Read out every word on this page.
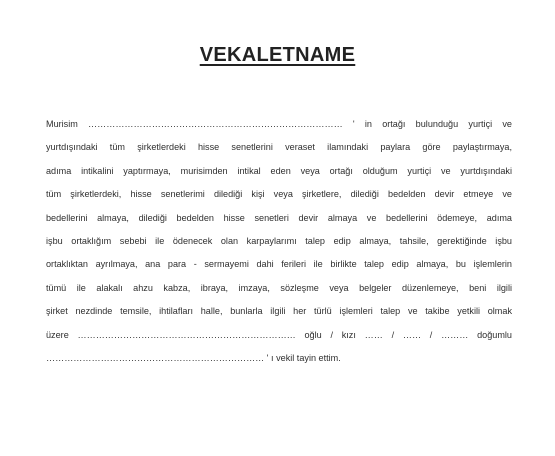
VEKALETNAME
Murisim ………………………………………………………………………… ' in ortağı bulunduğu yurtiçi ve
yurtdışındaki tüm şirketlerdeki hisse senetlerini veraset ilamındaki paylara göre paylaştırmaya,
adıma intikalini yaptırmaya, murisimden intikal eden veya ortağı olduğum yurtiçi ve yurtdışındaki
tüm şirketlerdeki, hisse senetlerimi dilediği kişi veya şirketlere, dilediği bedelden devir etmeye ve
bedellerini almaya, dilediği bedelden hisse senetleri devir almaya ve bedellerini ödemeye, adıma
işbu ortaklığım sebebi ile ödenecek olan karpaylarımı talep edip almaya, tahsile, gerektiğinde işbu
ortaklıktan ayrılmaya, ana para - sermayemi dahi ferileri ile birlikte talep edip almaya, bu işlemlerin
tümü ile alakalı ahzu kabza, ibraya, imzaya, sözleşme veya belgeler düzenlemeye, beni ilgili
şirket nezdinde temsile, ihtilafları halle, bunlarla ilgili her türlü işlemleri talep ve takibe yetkili olmak
üzere ……………………………………………………………… oğlu / kızı …… / …… / ……… doğumlu
……………………………………………………………… ' ı vekil tayin ettim.
